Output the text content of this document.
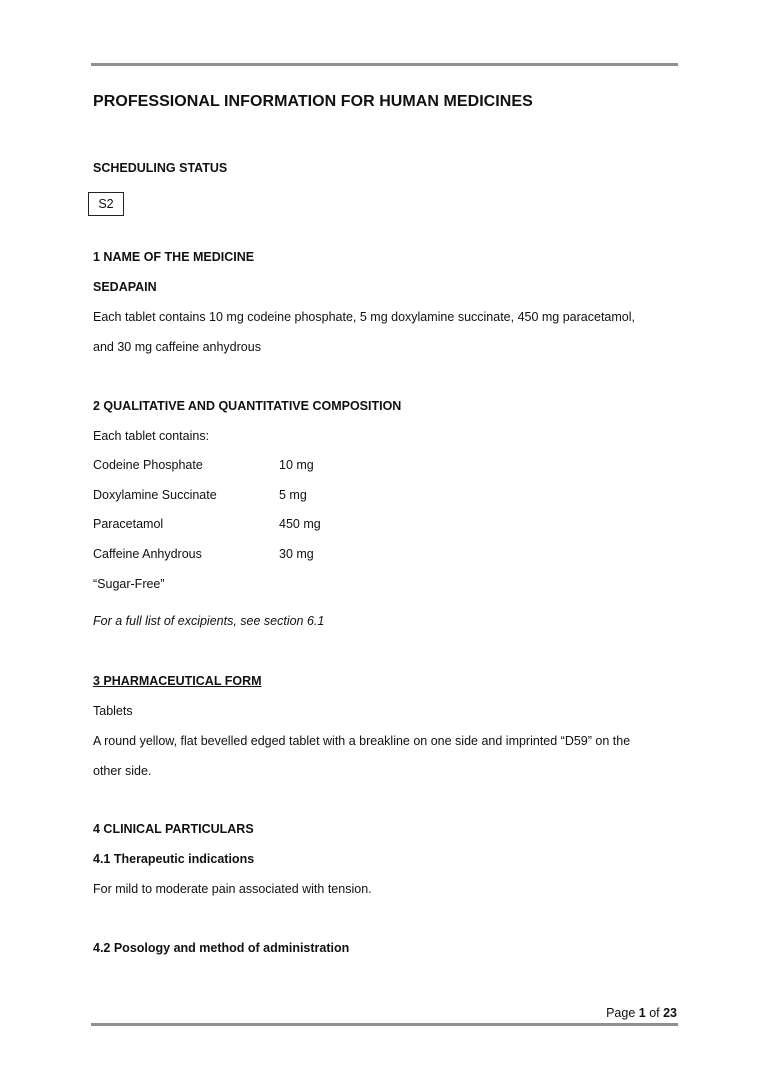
PROFESSIONAL INFORMATION FOR HUMAN MEDICINES
SCHEDULING STATUS
S2
1 NAME OF THE MEDICINE
SEDAPAIN
Each tablet contains 10 mg codeine phosphate, 5 mg doxylamine succinate, 450 mg paracetamol,
and 30 mg caffeine anhydrous
2 QUALITATIVE AND QUANTITATIVE COMPOSITION
Each tablet contains:
Codeine Phosphate	10 mg
Doxylamine Succinate	5 mg
Paracetamol	450 mg
Caffeine Anhydrous	30 mg
“Sugar-Free”
For a full list of excipients, see section 6.1
3 PHARMACEUTICAL FORM
Tablets
A round yellow, flat bevelled edged tablet with a breakline on one side and imprinted “D59” on the
other side.
4 CLINICAL PARTICULARS
4.1 Therapeutic indications
For mild to moderate pain associated with tension.
4.2 Posology and method of administration
Page 1 of 23
